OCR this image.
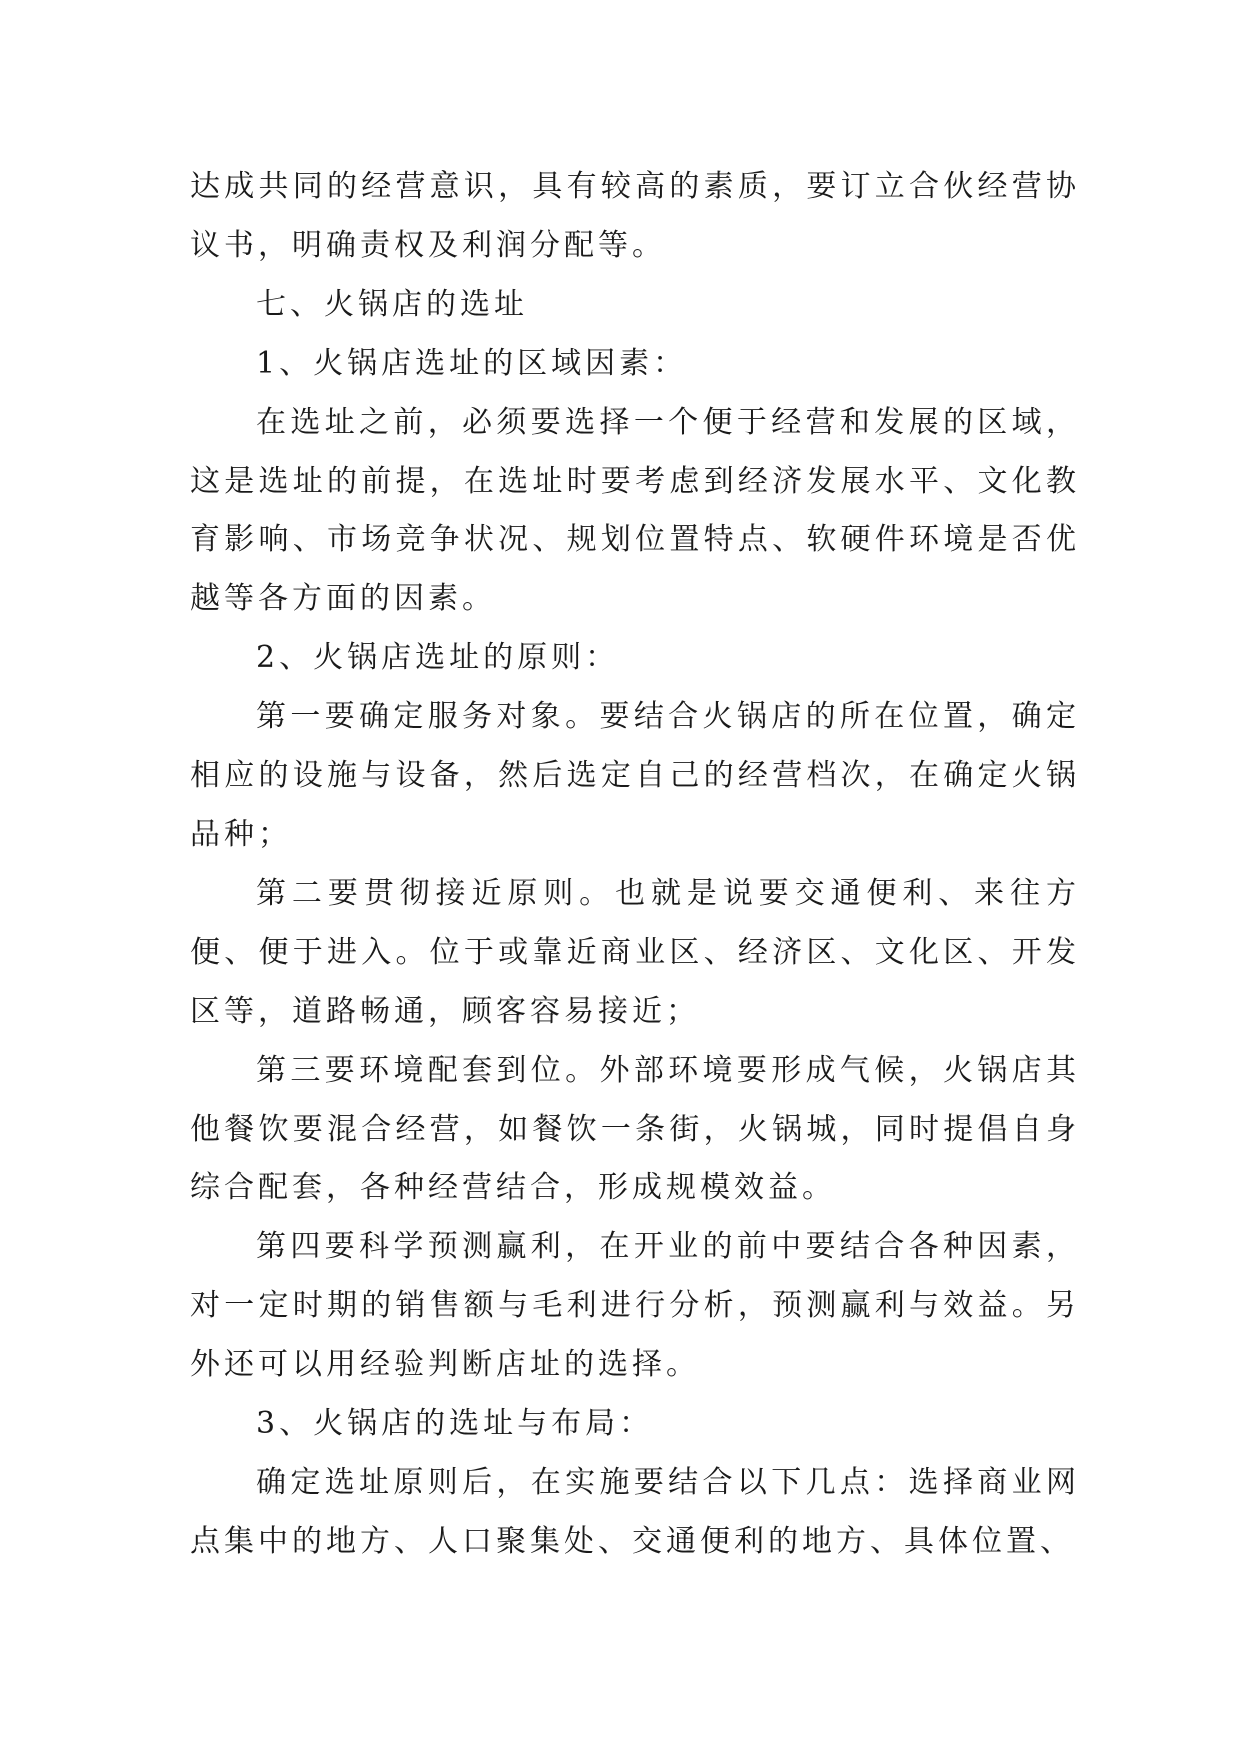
达成共同的经营意识，具有较高的素质，要订立合伙经营协议书，明确责权及利润分配等。

七、火锅店的选址

1、火锅店选址的区域因素：

在选址之前，必须要选择一个便于经营和发展的区域，这是选址的前提，在选址时要考虑到经济发展水平、文化教育影响、市场竞争状况、规划位置特点、软硬件环境是否优越等各方面的因素。

2、火锅店选址的原则：

第一要确定服务对象。要结合火锅店的所在位置，确定相应的设施与设备，然后选定自己的经营档次，在确定火锅品种；

第二要贯彻接近原则。也就是说要交通便利、来往方便、便于进入。位于或靠近商业区、经济区、文化区、开发区等，道路畅通，顾客容易接近；

第三要环境配套到位。外部环境要形成气候，火锅店其他餐饮要混合经营，如餐饮一条街，火锅城，同时提倡自身综合配套，各种经营结合，形成规模效益。

第四要科学预测赢利，在开业的前中要结合各种因素，对一定时期的销售额与毛利进行分析，预测赢利与效益。另外还可以用经验判断店址的选择。

3、火锅店的选址与布局：

确定选址原则后，在实施要结合以下几点：选择商业网点集中的地方、人口聚集处、交通便利的地方、具体位置、
